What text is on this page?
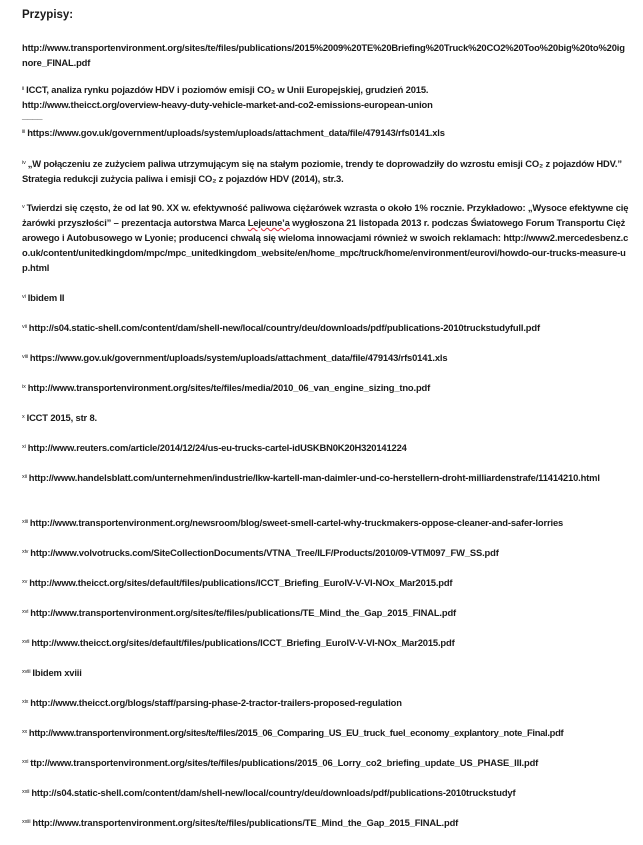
Przypisy:
http://www.transportenvironment.org/sites/te/files/publications/2015%2009%20TE%20Briefing%20Truck%20CO2%20Too%20big%20to%20ignore_FINAL.pdf
$^{ii}$ ICCT, analiza rynku pojazdów HDV i poziomów emisji CO₂ w Unii Europejskiej, grudzień 2015.
http://www.theicct.org/overview-heavy-duty-vehicle-market-and-co2-emissions-european-union
____
$^{iii}$ https://www.gov.uk/government/uploads/system/uploads/attachment_data/file/479143/rfs0141.xls
$^{iv}$ „W połączeniu ze zużyciem paliwa utrzymującym się na stałym poziomie, trendy te doprowadziły do wzrostu emisji CO₂ z pojazdów HDV.” Strategia redukcji zużycia paliwa i emisji CO₂ z pojazdów HDV (2014), str.3.
$^v$ Twierdzi się często, że od lat 90. XX w. efektywność paliwowa ciężarówek wzrasta o około 1% rocznie. Przykładowo: „Wysoce efektywne ciężarówki przyszłości” – prezentacja autorstwa Marca Lejeune’a wygłoszona 21 listopada 2013 r. podczas Światowego Forum Transportu Ciężarowego i Autobusowego w Lyonie; producenci chwalą się wieloma innowacjami również w swoich reklamach: http://www2.mercedesbenz.co.uk/content/unitedkingdom/mpc/mpc_unitedkingdom_website/en/home_mpc/truck/home/environment/eurovi/howdo-our-trucks-measure-up.html
$^{vi}$ Ibidem II
$^{vii}$ http://s04.static-shell.com/content/dam/shell-new/local/country/deu/downloads/pdf/publications-2010truckstudyfull.pdf
$^{viii}$ https://www.gov.uk/government/uploads/system/uploads/attachment_data/file/479143/rfs0141.xls
$^{ix}$ http://www.transportenvironment.org/sites/te/files/media/2010_06_van_engine_sizing_tno.pdf
$^x$ ICCT 2015, str 8.
$^{xi}$ http://www.reuters.com/article/2014/12/24/us-eu-trucks-cartel-idUSKBN0K20H320141224
$^{xii}$ http://www.handelsblatt.com/unternehmen/industrie/lkw-kartell-man-daimler-und-co-herstellern-droht-milliardenstrafe/11414210.html
$^{xiii}$ http://www.transportenvironment.org/newsroom/blog/sweet-smell-cartel-why-truckmakers-oppose-cleaner-and-safer-lorries
$^{xiv}$ http://www.volvotrucks.com/SiteCollectionDocuments/VTNA_Tree/ILF/Products/2010/09-VTM097_FW_SS.pdf
$^{xv}$ http://www.theicct.org/sites/default/files/publications/ICCT_Briefing_EuroIV-V-VI-NOx_Mar2015.pdf
$^{xvi}$ http://www.transportenvironment.org/sites/te/files/publications/TE_Mind_the_Gap_2015_FINAL.pdf
$^{xvii}$ http://www.theicct.org/sites/default/files/publications/ICCT_Briefing_EuroIV-V-VI-NOx_Mar2015.pdf
$^{xviii}$ Ibidem xviii
$^{xix}$ http://www.theicct.org/blogs/staff/parsing-phase-2-tractor-trailers-proposed-regulation
$^{xx}$ http://www.transportenvironment.org/sites/te/files/2015_06_Comparing_US_EU_truck_fuel_economy_explantory_note_Final.pdf
$^{xxi}$ ttp://www.transportenvironment.org/sites/te/files/publications/2015_06_Lorry_co2_briefing_update_US_PHASE_III.pdf
$^{xxii}$ http://s04.static-shell.com/content/dam/shell-new/local/country/deu/downloads/pdf/publications-2010truckstudyf
$^{xxiii}$ http://www.transportenvironment.org/sites/te/files/publications/TE_Mind_the_Gap_2015_FINAL.pdf
